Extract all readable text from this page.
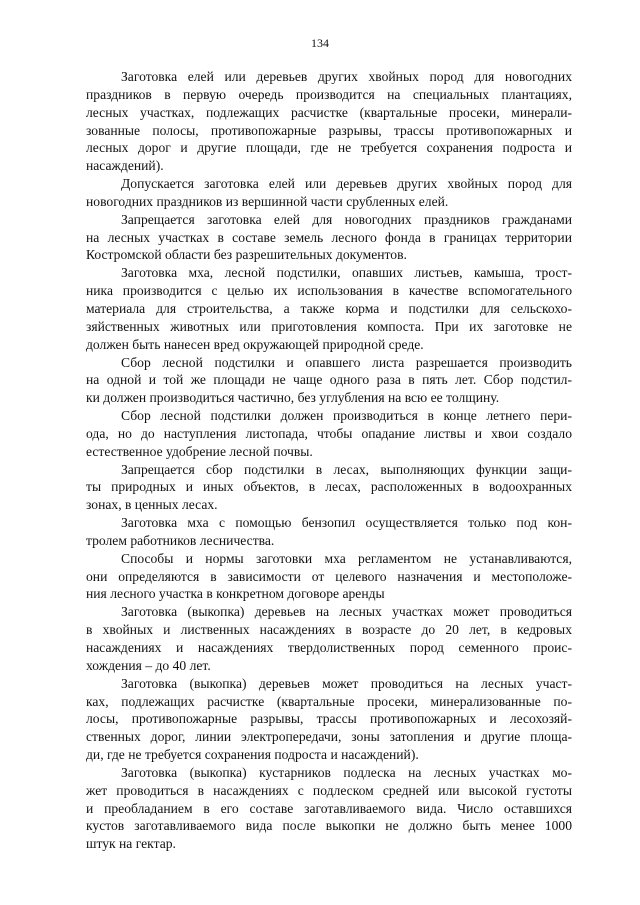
134
Заготовка елей или деревьев других хвойных пород для новогодних
праздников в первую очередь производится на специальных плантациях,
лесных участках, подлежащих расчистке (квартальные просеки, минерали-
зованные полосы, противопожарные разрывы, трассы противопожарных и
лесных дорог и другие площади, где не требуется сохранения подроста и
насаждений).
Допускается заготовка елей или деревьев других хвойных пород для
новогодних праздников из вершинной части срубленных елей.
Запрещается заготовка елей для новогодних праздников гражданами
на лесных участках в составе земель лесного фонда в границах территории
Костромской области без разрешительных документов.
Заготовка мха, лесной подстилки, опавших листьев, камыша, трост-
ника производится с целью их использования в качестве вспомогательного
материала для строительства, а также корма и подстилки для сельскохо-
зяйственных животных или приготовления компоста. При их заготовке не
должен быть нанесен вред окружающей природной среде.
Сбор лесной подстилки и опавшего листа разрешается производить
на одной и той же площади не чаще одного раза в пять лет. Сбор подстил-
ки должен производиться частично, без углубления на всю ее толщину.
Сбор лесной подстилки должен производиться в конце летнего пери-
ода, но до наступления листопада, чтобы опадание листвы и хвои создало
естественное удобрение лесной почвы.
Запрещается сбор подстилки в лесах, выполняющих функции защи-
ты природных и иных объектов, в лесах, расположенных в водоохранных
зонах, в ценных лесах.
Заготовка мха с помощью бензопил осуществляется только под кон-
тролем работников лесничества.
Способы и нормы заготовки мха регламентом не устанавливаются,
они определяются в зависимости от целевого назначения и местоположе-
ния лесного участка в конкретном договоре аренды
Заготовка (выкопка) деревьев на лесных участках может проводиться
в хвойных и лиственных насаждениях в возрасте до 20 лет, в кедровых
насаждениях и насаждениях твердолиственных пород семенного проис-
хождения – до 40 лет.
Заготовка (выкопка) деревьев может проводиться на лесных участ-
ках, подлежащих расчистке (квартальные просеки, минерализованные по-
лосы, противопожарные разрывы, трассы противопожарных и лесохозяй-
ственных дорог, линии электропередачи, зоны затопления и другие площа-
ди, где не требуется сохранения подроста и насаждений).
Заготовка (выкопка) кустарников подлеска на лесных участках мо-
жет проводиться в насаждениях с подлеском средней или высокой густоты
и преобладанием в его составе заготавливаемого вида. Число оставшихся
кустов заготавливаемого вида после выкопки не должно быть менее 1000
штук на гектар.
